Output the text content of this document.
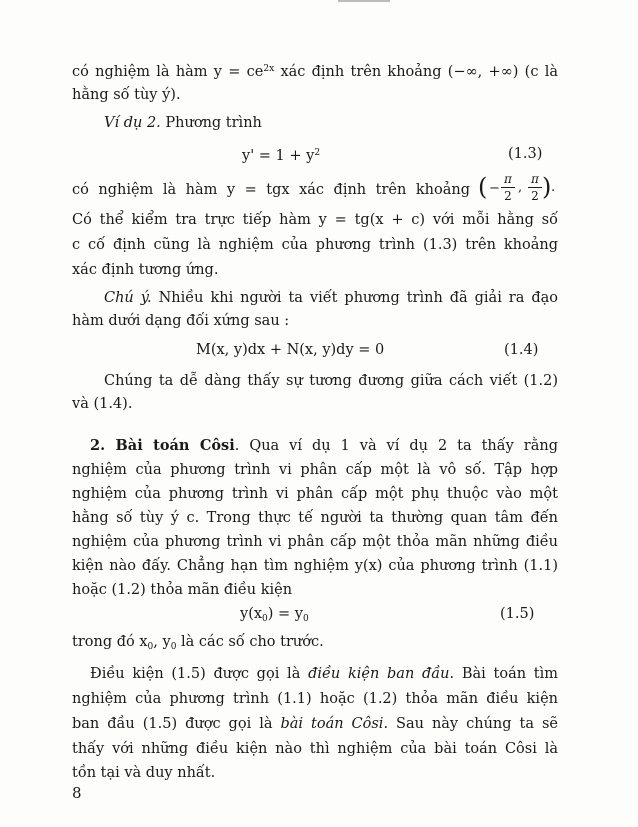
có nghiệm là hàm $y = ce^{2x}$ xác định trên khoảng (−∞, +∞) (c là
hằng số tùy ý).
Ví dụ 2. Phương trình
$y' = 1 + y^2$	(1.3)
có nghiệm là hàm y = tgx xác định trên khoảng ( −
π
2
,
π
2 ) .
Có thể kiểm tra trực tiếp hàm y = tg(x + c) với mỗi hằng số
c cố định cũng là nghiệm của phương trình (1.3) trên khoảng
xác định tương ứng.
Chú ý. Nhiều khi người ta viết phương trình đã giải ra đạo
hàm dưới dạng đối xứng sau :
M(x, y)dx + N(x, y)dy = 0	(1.4)
Chúng ta dễ dàng thấy sự tương đương giữa cách viết (1.2)
và (1.4).
2. Bài toán Côsi. Qua ví dụ 1 và ví dụ 2 ta thấy rằng
nghiệm của phương trình vi phân cấp một là vô số. Tập hợp
nghiệm của phương trình vi phân cấp một phụ thuộc vào một
hằng số tùy ý c. Trong thực tế người ta thường quan tâm đến
nghiệm của phương trình vi phân cấp một thỏa mãn những điều
kiện nào đấy. Chẳng hạn tìm nghiệm y(x) của phương trình (1.1)
hoặc (1.2) thỏa mãn điều kiện
$y(x_0) = y_0$	(1.5)
trong đó $x_0$, $y_0$ là các số cho trước.
Điều kiện (1.5) được gọi là điều kiện ban đầu. Bài toán tìm
nghiệm của phương trình (1.1) hoặc (1.2) thỏa mãn điều kiện
ban đầu (1.5) được gọi là bài toán Côsi. Sau này chúng ta sẽ
thấy với những điều kiện nào thì nghiệm của bài toán Côsi là
tồn tại và duy nhất.
8
